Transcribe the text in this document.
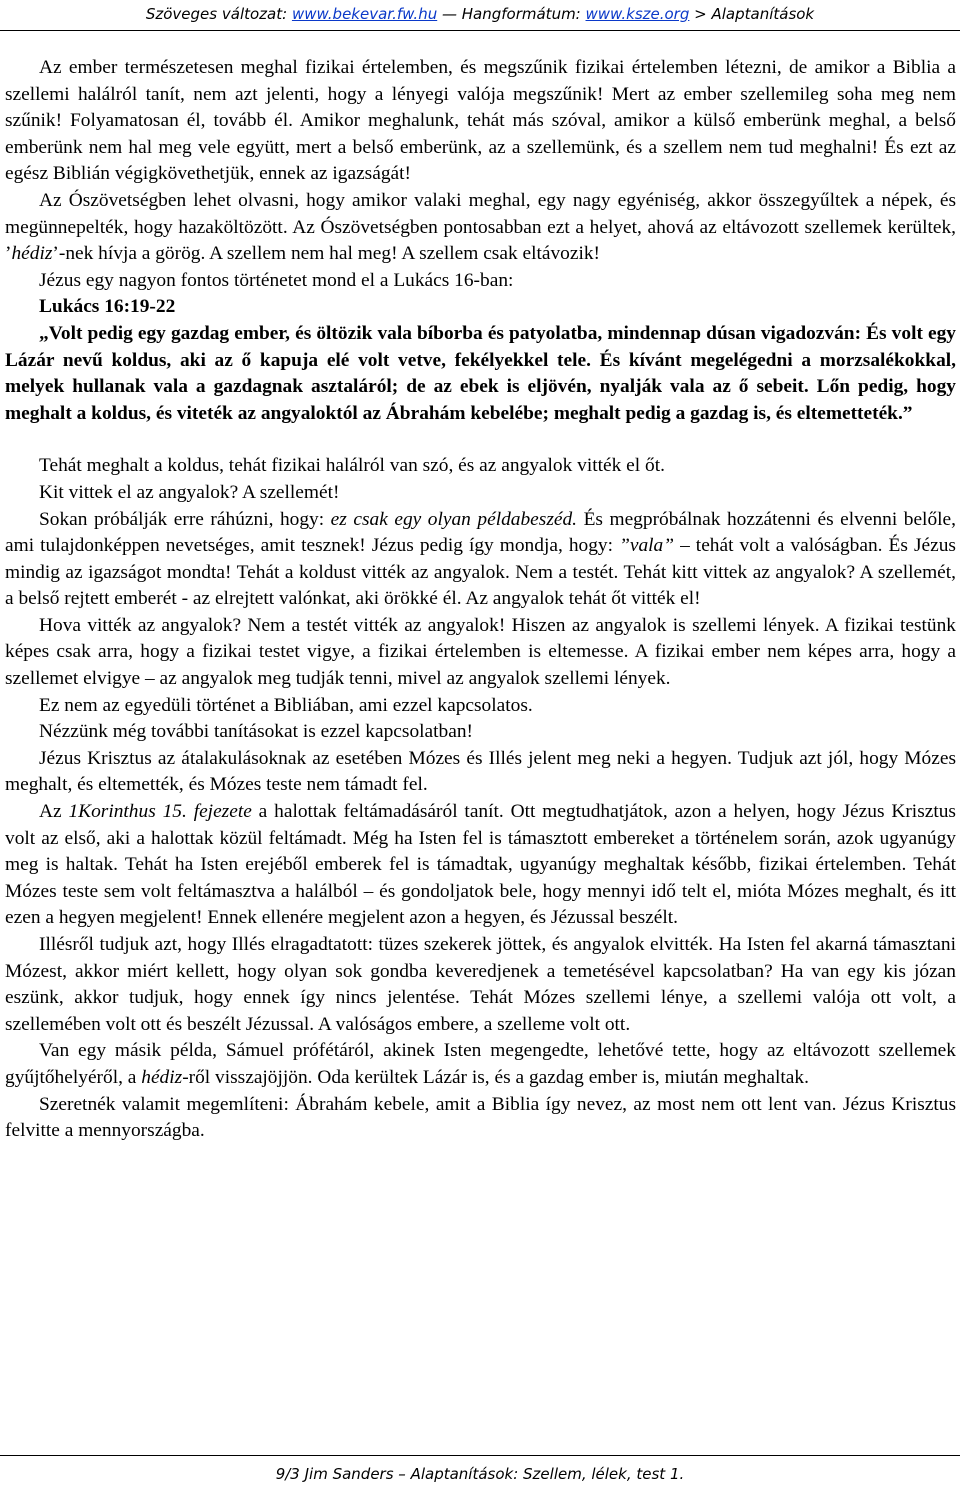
Szöveges változat: www.bekevar.fw.hu — Hangformátum: www.ksze.org > Alaptanítások

Az ember természetesen meghal fizikai értelemben, és megszűnik fizikai értelemben létezni, de amikor a Biblia a szellemi halálról tanít, nem azt jelenti, hogy a lényegi valója megszűnik! Mert az ember szellemileg soha meg nem szűnik! Folyamatosan él, tovább él. Amikor meghalunk, tehát más szóval, amikor a külső emberünk meghal, a belső emberünk nem hal meg vele együtt, mert a belső emberünk, az a szellemünk, és a szellem nem tud meghalni! És ezt az egész Biblián végigkövethetjük, ennek az igazságát!

Az Ószövetségben lehet olvasni, hogy amikor valaki meghal, egy nagy egyéniség, akkor összegyűltek a népek, és megünnepelték, hogy hazaköltözött. Az Ószövetségben pontosabban ezt a helyet, ahová az eltávozott szellemek kerültek, ’hédiz’-nek hívja a görög. A szellem nem hal meg! A szellem csak eltávozik!

Jézus egy nagyon fontos történetet mond el a Lukács 16-ban:

Lukács 16:19-22

„Volt pedig egy gazdag ember, és öltözik vala bíborba és patyolatba, mindennap dúsan vigadozván: És volt egy Lázár nevű koldus, aki az ő kapuja elé volt vetve, fekélyekkel tele. És kívánt megelégedni a morzsalékokkal, melyek hullanak vala a gazdagnak asztaláról; de az ebek is eljövén, nyalják vala az ő sebeit. Lőn pedig, hogy meghalt a koldus, és viteték az angyaloktól az Ábrahám kebelébe; meghalt pedig a gazdag is, és eltemetteték.”

Tehát meghalt a koldus, tehát fizikai halálról van szó, és az angyalok vitték el őt.

Kit vittek el az angyalok? A szellemét!

Sokan próbálják erre ráhúzni, hogy: ez csak egy olyan példabeszéd. És megpróbálnak hozzátenni és elvenni belőle, ami tulajdonképpen nevetséges, amit tesznek! Jézus pedig így mondja, hogy: ”vala” – tehát volt a valóságban. És Jézus mindig az igazságot mondta! Tehát a koldust vitték az angyalok. Nem a testét. Tehát kitt vittek az angyalok? A szellemét, a belső rejtett emberét - az elrejtett valónkat, aki örökké él. Az angyalok tehát őt vitték el!

Hova vitték az angyalok? Nem a testét vitték az angyalok! Hiszen az angyalok is szellemi lények. A fizikai testünk képes csak arra, hogy a fizikai testet vigye, a fizikai értelemben is eltemesse. A fizikai ember nem képes arra, hogy a szellemet elvigye – az angyalok meg tudják tenni, mivel az angyalok szellemi lények.

Ez nem az egyedüli történet a Bibliában, ami ezzel kapcsolatos.

Nézzünk még további tanításokat is ezzel kapcsolatban!

Jézus Krisztus az átalakulásoknak az esetében Mózes és Illés jelent meg neki a hegyen. Tudjuk azt jól, hogy Mózes meghalt, és eltemették, és Mózes teste nem támadt fel.

Az 1Korinthus 15. fejezete a halottak feltámadásáról tanít. Ott megtudhatjátok, azon a helyen, hogy Jézus Krisztus volt az első, aki a halottak közül feltámadt. Még ha Isten fel is támasztott embereket a történelem során, azok ugyanúgy meg is haltak. Tehát ha Isten erejéből emberek fel is támadtak, ugyanúgy meghaltak később, fizikai értelemben. Tehát Mózes teste sem volt feltámasztva a halálból – és gondoljatok bele, hogy mennyi idő telt el, mióta Mózes meghalt, és itt ezen a hegyen megjelent! Ennek ellenére megjelent azon a hegyen, és Jézussal beszélt.

Illésről tudjuk azt, hogy Illés elragadtatott: tüzes szekerek jöttek, és angyalok elvitték. Ha Isten fel akarná támasztani Mózest, akkor miért kellett, hogy olyan sok gondba keveredjenek a temetésével kapcsolatban? Ha van egy kis józan eszünk, akkor tudjuk, hogy ennek így nincs jelentése. Tehát Mózes szellemi lénye, a szellemi valója ott volt, a szellemében volt ott és beszélt Jézussal. A valóságos embere, a szelleme volt ott.

Van egy másik példa, Sámuel prófétáról, akinek Isten megengedte, lehetővé tette, hogy az eltávozott szellemek gyűjtőhelyéről, a hédiz-ről visszajöjjön. Oda kerültek Lázár is, és a gazdag ember is, miután meghaltak.

Szeretnék valamit megemlíteni: Ábrahám kebele, amit a Biblia így nevez, az most nem ott lent van. Jézus Krisztus felvitte a mennyországba.

9/3 Jim Sanders – Alaptanítások: Szellem, lélek, test 1.
